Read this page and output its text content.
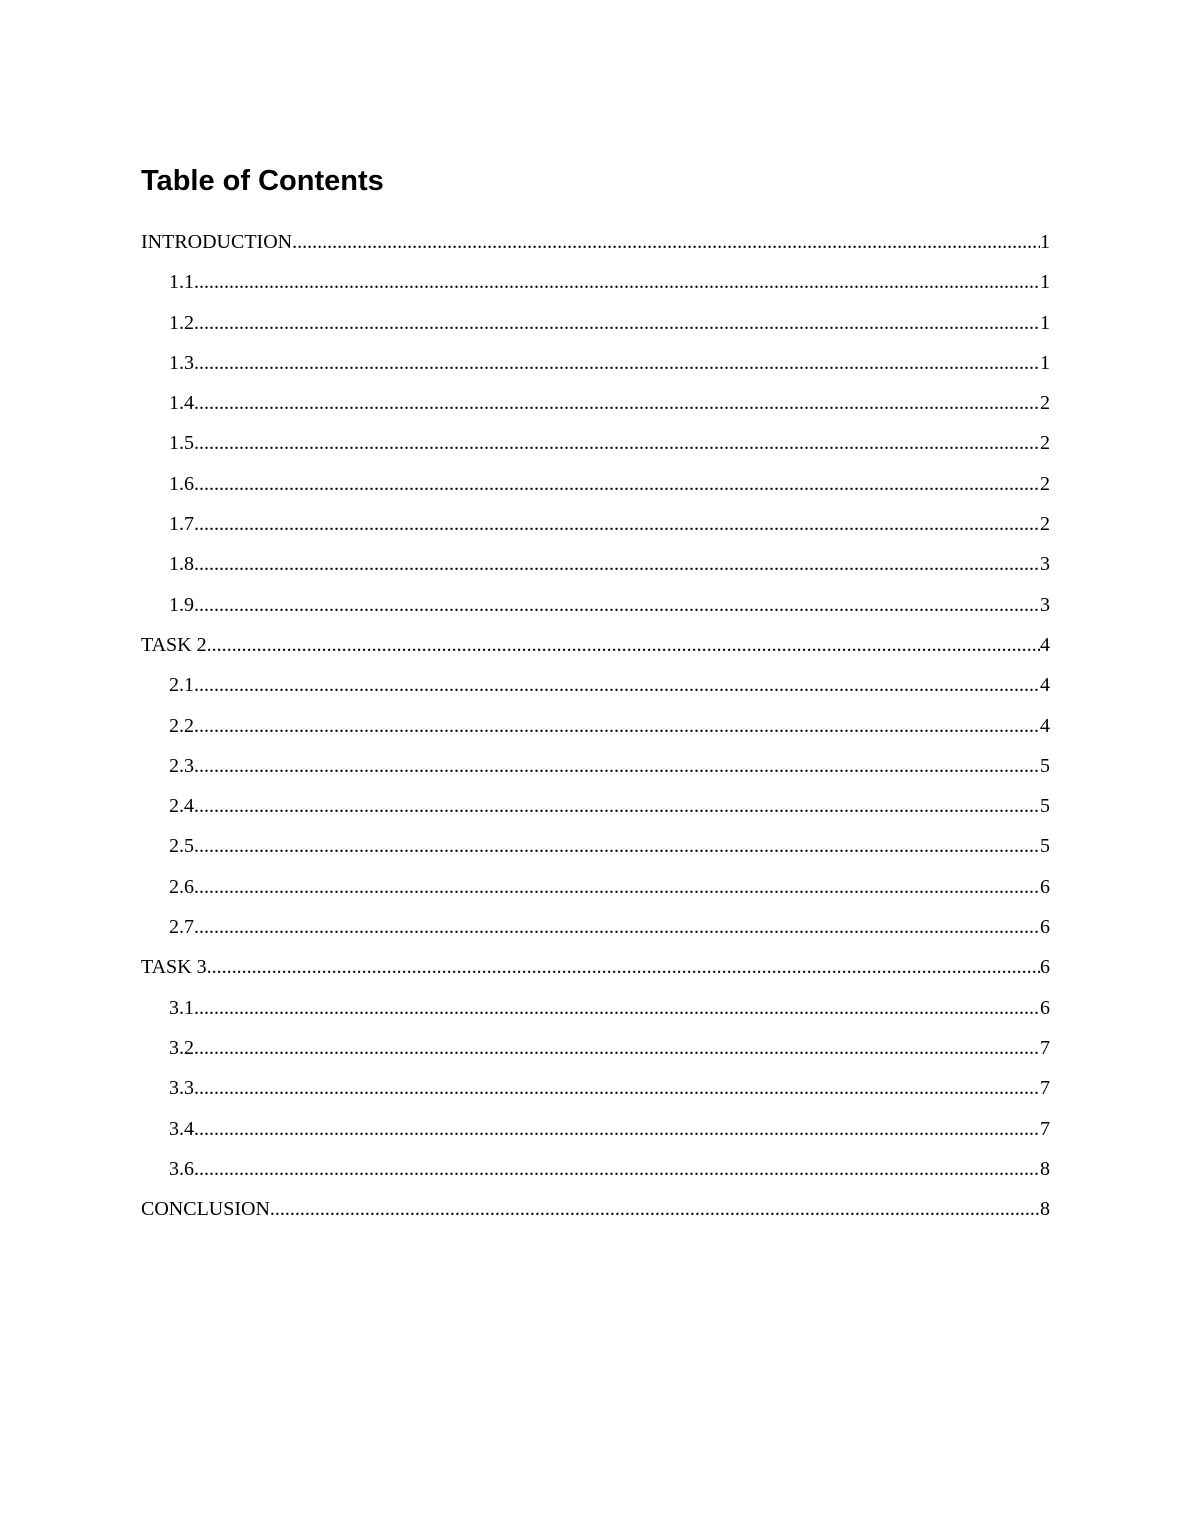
Table of Contents
INTRODUCTION .....	1
1.1 .....	1
1.2 .....	1
1.3 .....	1
1.4 .....	2
1.5 .....	2
1.6 .....	2
1.7 .....	2
1.8 .....	3
1.9 .....	3
TASK 2 .....	4
2.1 .....	4
2.2 .....	4
2.3 .....	5
2.4 .....	5
2.5 .....	5
2.6 .....	6
2.7 .....	6
TASK 3 .....	6
3.1 .....	6
3.2 .....	7
3.3 .....	7
3.4 .....	7
3.6 .....	8
CONCLUSION .....	8
